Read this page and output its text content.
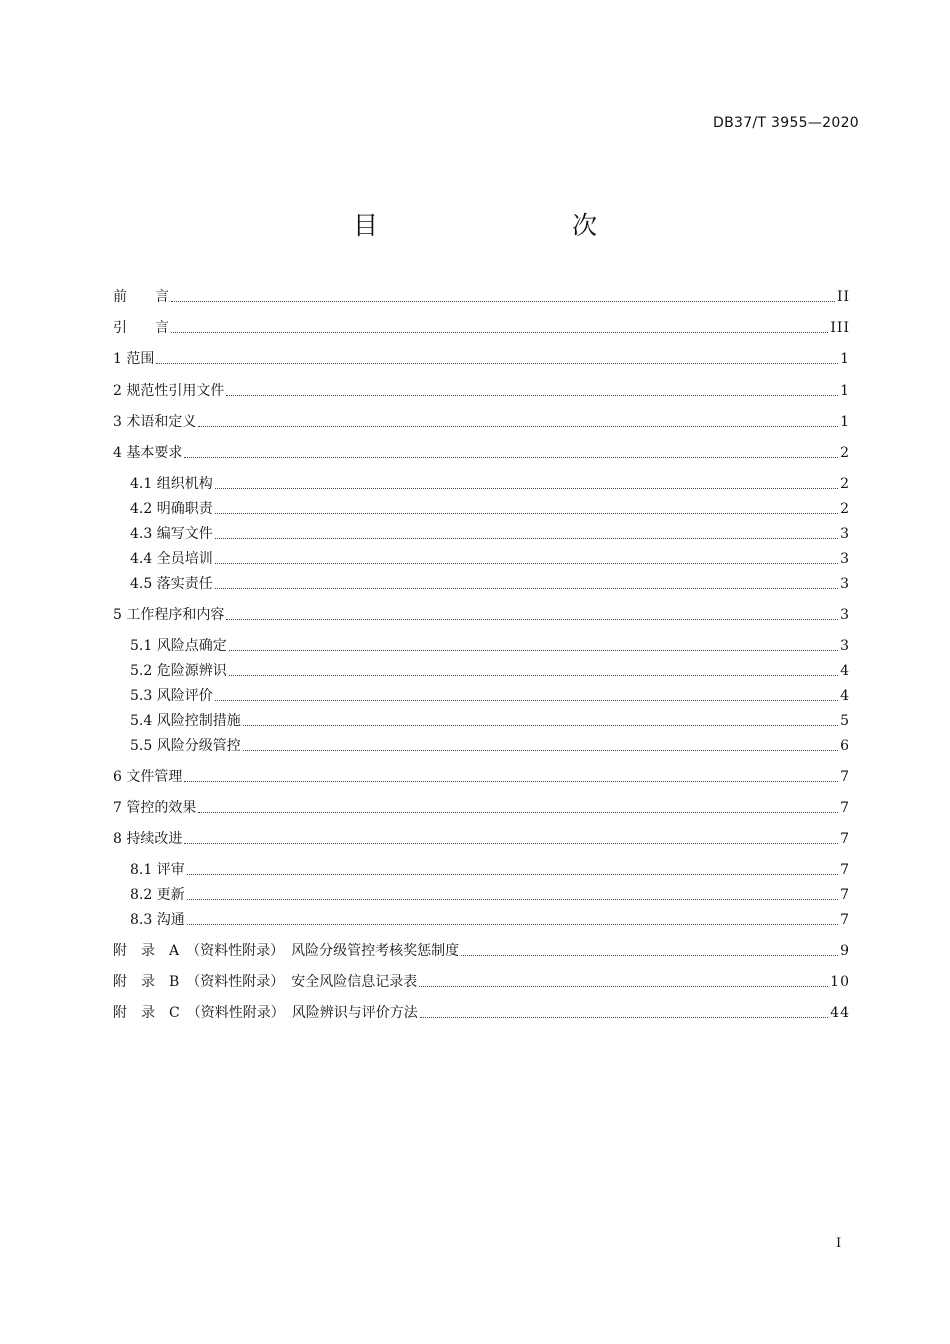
DB37/T 3955—2020
目　　次
前　　言	II
引　　言	III
1 范围	1
2 规范性引用文件	1
3 术语和定义	1
4 基本要求	2
4.1 组织机构	2
4.2 明确职责	2
4.3 编写文件	3
4.4 全员培训	3
4.5 落实责任	3
5 工作程序和内容	3
5.1 风险点确定	3
5.2 危险源辨识	4
5.3 风险评价	4
5.4 风险控制措施	5
5.5 风险分级管控	6
6 文件管理	7
7 管控的效果	7
8 持续改进	7
8.1 评审	7
8.2 更新	7
8.3 沟通	7
附　录　A　（资料性附录）　风险分级管控考核奖惩制度	9
附　录　B　（资料性附录）　安全风险信息记录表	10
附　录　C　（资料性附录）　风险辨识与评价方法	44
I
